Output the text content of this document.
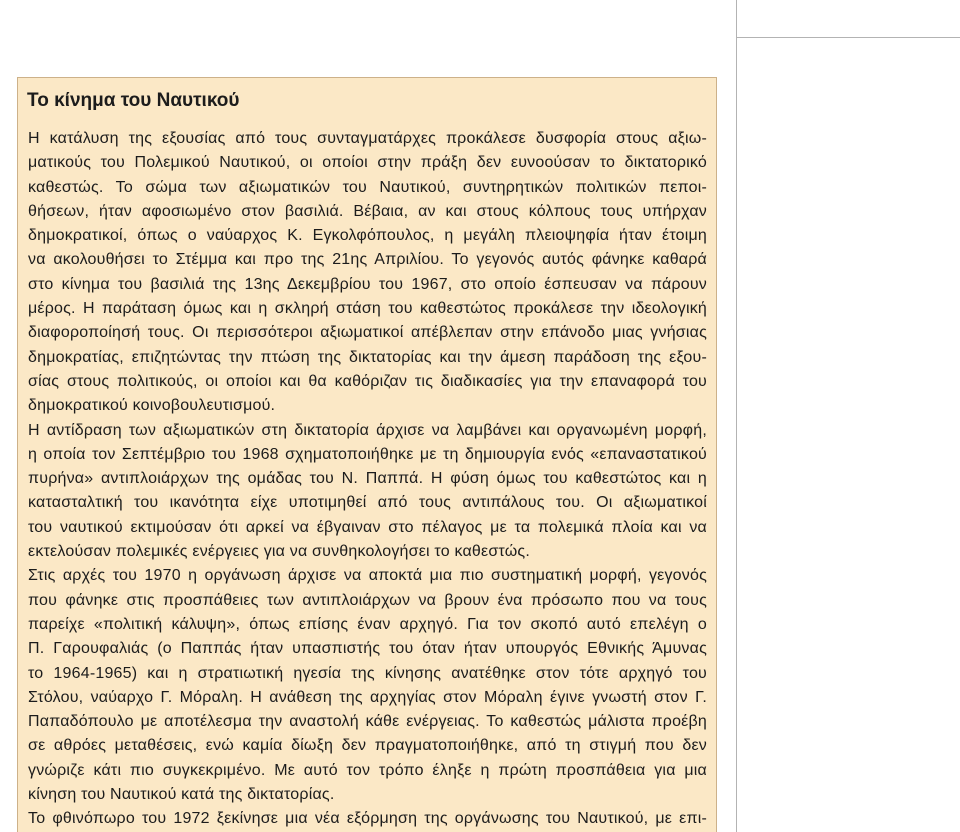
Το κίνημα του Ναυτικού
Η κατάλυση της εξουσίας από τους συνταγματάρχες προκάλεσε δυσφορία στους αξιω-
ματικούς του Πολεμικού Ναυτικού, οι οποίοι στην πράξη δεν ευνοούσαν το δικτατορικό
καθεστώς. Το σώμα των αξιωματικών του Ναυτικού, συντηρητικών πολιτικών πεποι-
θήσεων, ήταν αφοσιωμένο στον βασιλιά. Βέβαια, αν και στους κόλπους τους υπήρχαν
δημοκρατικοί, όπως ο ναύαρχος Κ. Εγκολφόπουλος, η μεγάλη πλειοψηφία ήταν έτοιμη
να ακολουθήσει το Στέμμα και προ της 21ης Απριλίου. Το γεγονός αυτός φάνηκε καθαρά
στο κίνημα του βασιλιά της 13ης Δεκεμβρίου του 1967, στο οποίο έσπευσαν να πάρουν
μέρος. Η παράταση όμως και η σκληρή στάση του καθεστώτος προκάλεσε την ιδεολογική
διαφοροποίησή τους. Οι περισσότεροι αξιωματικοί απέβλεπαν στην επάνοδο μιας γνήσιας
δημοκρατίας, επιζητώντας την πτώση της δικτατορίας και την άμεση παράδοση της εξου-
σίας στους πολιτικούς, οι οποίοι και θα καθόριζαν τις διαδικασίες για την επαναφορά του
δημοκρατικού κοινοβουλευτισμού.
Η αντίδραση των αξιωματικών στη δικτατορία άρχισε να λαμβάνει και οργανωμένη μορφή,
η οποία τον Σεπτέμβριο του 1968 σχηματοποιήθηκε με τη δημιουργία ενός «επαναστατικού
πυρήνα» αντιπλοιάρχων της ομάδας του Ν. Παππά. Η φύση όμως του καθεστώτος και η
κατασταλτική του ικανότητα είχε υποτιμηθεί από τους αντιπάλους του. Οι αξιωματικοί
του ναυτικού εκτιμούσαν ότι αρκεί να έβγαιναν στο πέλαγος με τα πολεμικά πλοία και να
εκτελούσαν πολεμικές ενέργειες για να συνθηκολογήσει το καθεστώς.
Στις αρχές του 1970 η οργάνωση άρχισε να αποκτά μια πιο συστηματική μορφή, γεγονός
που φάνηκε στις προσπάθειες των αντιπλοιάρχων να βρουν ένα πρόσωπο που να τους
παρείχε «πολιτική κάλυψη», όπως επίσης έναν αρχηγό. Για τον σκοπό αυτό επελέγη ο
Π. Γαρουφαλιάς (ο Παππάς ήταν υπασπιστής του όταν ήταν υπουργός Εθνικής Άμυνας
το 1964-1965) και η στρατιωτική ηγεσία της κίνησης ανατέθηκε στον τότε αρχηγό του
Στόλου, ναύαρχο Γ. Μόραλη. Η ανάθεση της αρχηγίας στον Μόραλη έγινε γνωστή στον Γ.
Παπαδόπουλο με αποτέλεσμα την αναστολή κάθε ενέργειας. Το καθεστώς μάλιστα προέβη
σε αθρόες μεταθέσεις, ενώ καμία δίωξη δεν πραγματοποιήθηκε, από τη στιγμή που δεν
γνώριζε κάτι πιο συγκεκριμένο. Με αυτό τον τρόπο έληξε η πρώτη προσπάθεια για μια
κίνηση του Ναυτικού κατά της δικτατορίας.
Το φθινόπωρο του 1972 ξεκίνησε μια νέα εξόρμηση της οργάνωσης του Ναυτικού, με επι-
